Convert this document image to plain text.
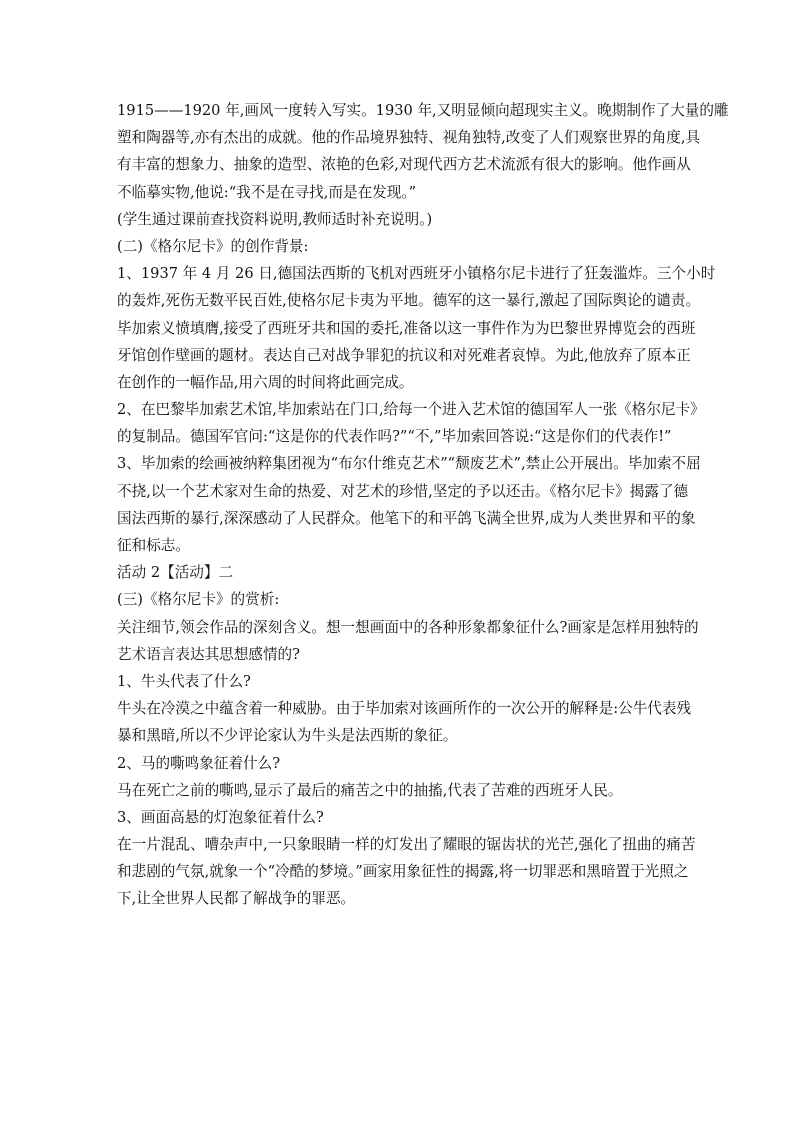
1915——1920 年,画风一度转入写实。1930 年,又明显倾向超现实主义。晚期制作了大量的雕
塑和陶器等,亦有杰出的成就。他的作品境界独特、视角独特,改变了人们观察世界的角度,具
有丰富的想象力、抽象的造型、浓艳的色彩,对现代西方艺术流派有很大的影响。他作画从
不临摹实物,他说:“我不是在寻找,而是在发现。”
(学生通过课前查找资料说明,教师适时补充说明。)
(二)《格尔尼卡》的创作背景:
1、1937 年 4 月 26 日,德国法西斯的飞机对西班牙小镇格尔尼卡进行了狂轰滥炸。三个小时
的轰炸,死伤无数平民百姓,使格尔尼卡夷为平地。德军的这一暴行,激起了国际舆论的谴责。
毕加索义愤填膺,接受了西班牙共和国的委托,准备以这一事件作为为巴黎世界博览会的西班
牙馆创作壁画的题材。表达自己对战争罪犯的抗议和对死难者哀悼。为此,他放弃了原本正
在创作的一幅作品,用六周的时间将此画完成。
2、在巴黎毕加索艺术馆,毕加索站在门口,给每一个进入艺术馆的德国军人一张《格尔尼卡》
的复制品。德国军官问:“这是你的代表作吗?”“不,”毕加索回答说:“这是你们的代表作!”
3、毕加索的绘画被纳粹集团视为“布尔什维克艺术”“颓废艺术”,禁止公开展出。毕加索不屈
不挠,以一个艺术家对生命的热爱、对艺术的珍惜,坚定的予以还击。《格尔尼卡》揭露了德
国法西斯的暴行,深深感动了人民群众。他笔下的和平鸽飞满全世界,成为人类世界和平的象
征和标志。
活动 2【活动】二
(三)《格尔尼卡》的赏析:
关注细节,领会作品的深刻含义。想一想画面中的各种形象都象征什么?画家是怎样用独特的
艺术语言表达其思想感情的?
1、牛头代表了什么?
牛头在冷漠之中蕴含着一种威胁。由于毕加索对该画所作的一次公开的解释是:公牛代表残
暴和黑暗,所以不少评论家认为牛头是法西斯的象征。
2、马的嘶鸣象征着什么?
马在死亡之前的嘶鸣,显示了最后的痛苦之中的抽搐,代表了苦难的西班牙人民。
3、画面高悬的灯泡象征着什么?
在一片混乱、嘈杂声中,一只象眼睛一样的灯发出了耀眼的锯齿状的光芒,强化了扭曲的痛苦
和悲剧的气氛,就象一个“冷酷的梦境。”画家用象征性的揭露,将一切罪恶和黑暗置于光照之
下,让全世界人民都了解战争的罪恶。
